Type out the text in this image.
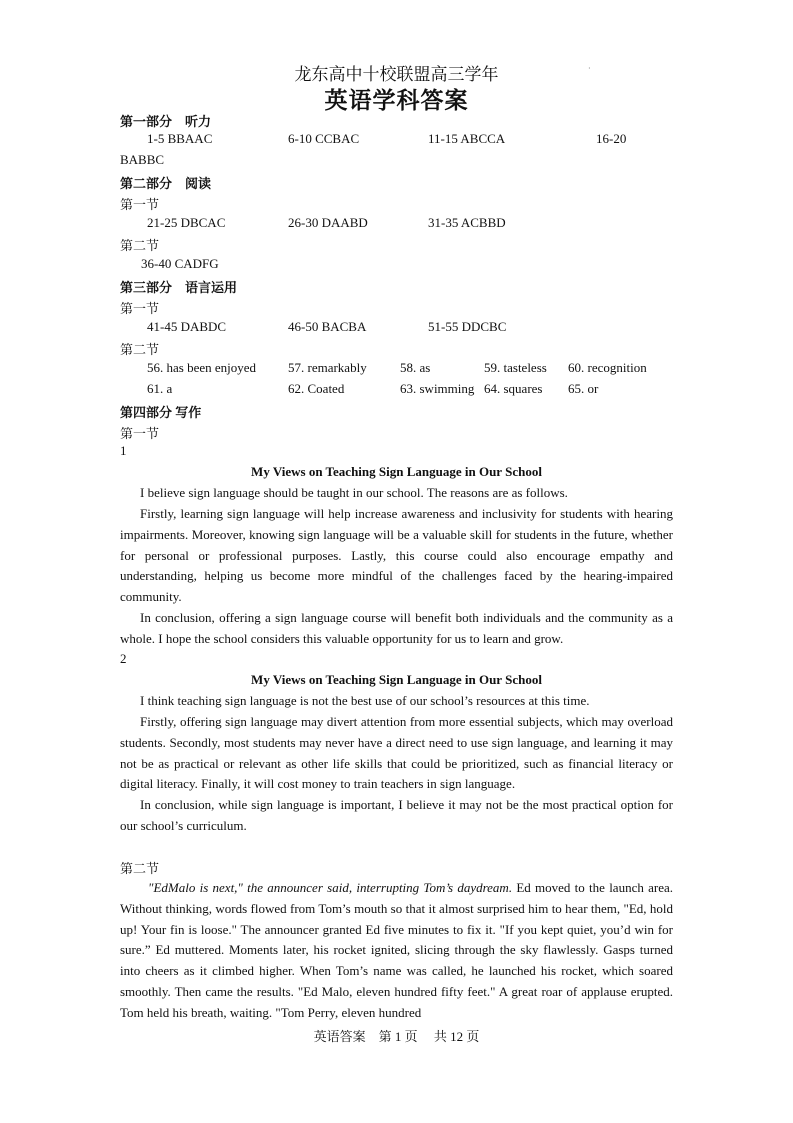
龙东高中十校联盟高三学年	·
英语学科答案
第一部分　听力
1-5 BBAAC	6-10 CCBAC	11-15 ABCCA	16-20
BABBC
第二部分　阅读
第一节
21-25 DBCAC	26-30 DAABD	31-35 ACBBD
第二节
36-40 CADFG
第三部分　语言运用
第一节
41-45 DABDC	46-50 BACBA	51-55 DDCBC
第二节
56. has been enjoyed 57. remarkably	58. as	59. tasteless 60. recognition
61. a	62. Coated	63. swimming 64. squares 65. or
第四部分 写作
第一节
1
My Views on Teaching Sign Language in Our School
I believe sign language should be taught in our school. The reasons are as follows.
Firstly, learning sign language will help increase awareness and inclusivity for students with hearing impairments. Moreover, knowing sign language will be a valuable skill for students in the future, whether for personal or professional purposes. Lastly, this course could also encourage empathy and understanding, helping us become more mindful of the challenges faced by the hearing-impaired community.
In conclusion, offering a sign language course will benefit both individuals and the community as a whole. I hope the school considers this valuable opportunity for us to learn and grow.
2
My Views on Teaching Sign Language in Our School
I think teaching sign language is not the best use of our school’s resources at this time.
Firstly, offering sign language may divert attention from more essential subjects, which may overload students. Secondly, most students may never have a direct need to use sign language, and learning it may not be as practical or relevant as other life skills that could be prioritized, such as financial literacy or digital literacy. Finally, it will cost money to train teachers in sign language.
In conclusion, while sign language is important, I believe it may not be the most practical option for our school’s curriculum.
第二节
"EdMalo is next," the announcer said, interrupting Tom’s daydream. Ed moved to the launch area. Without thinking, words flowed from Tom’s mouth so that it almost surprised him to hear them, "Ed, hold up! Your fin is loose." The announcer granted Ed five minutes to fix it. "If you kept quiet, you’d win for sure.” Ed muttered. Moments later, his rocket ignited, slicing through the sky flawlessly. Gasps turned into cheers as it climbed higher. When Tom’s name was called, he launched his rocket, which soared smoothly. Then came the results. "Ed Malo, eleven hundred fifty feet." A great roar of applause erupted. Tom held his breath, waiting. "Tom Perry, eleven hundred
英语答案　第 1 页　 共 12 页
